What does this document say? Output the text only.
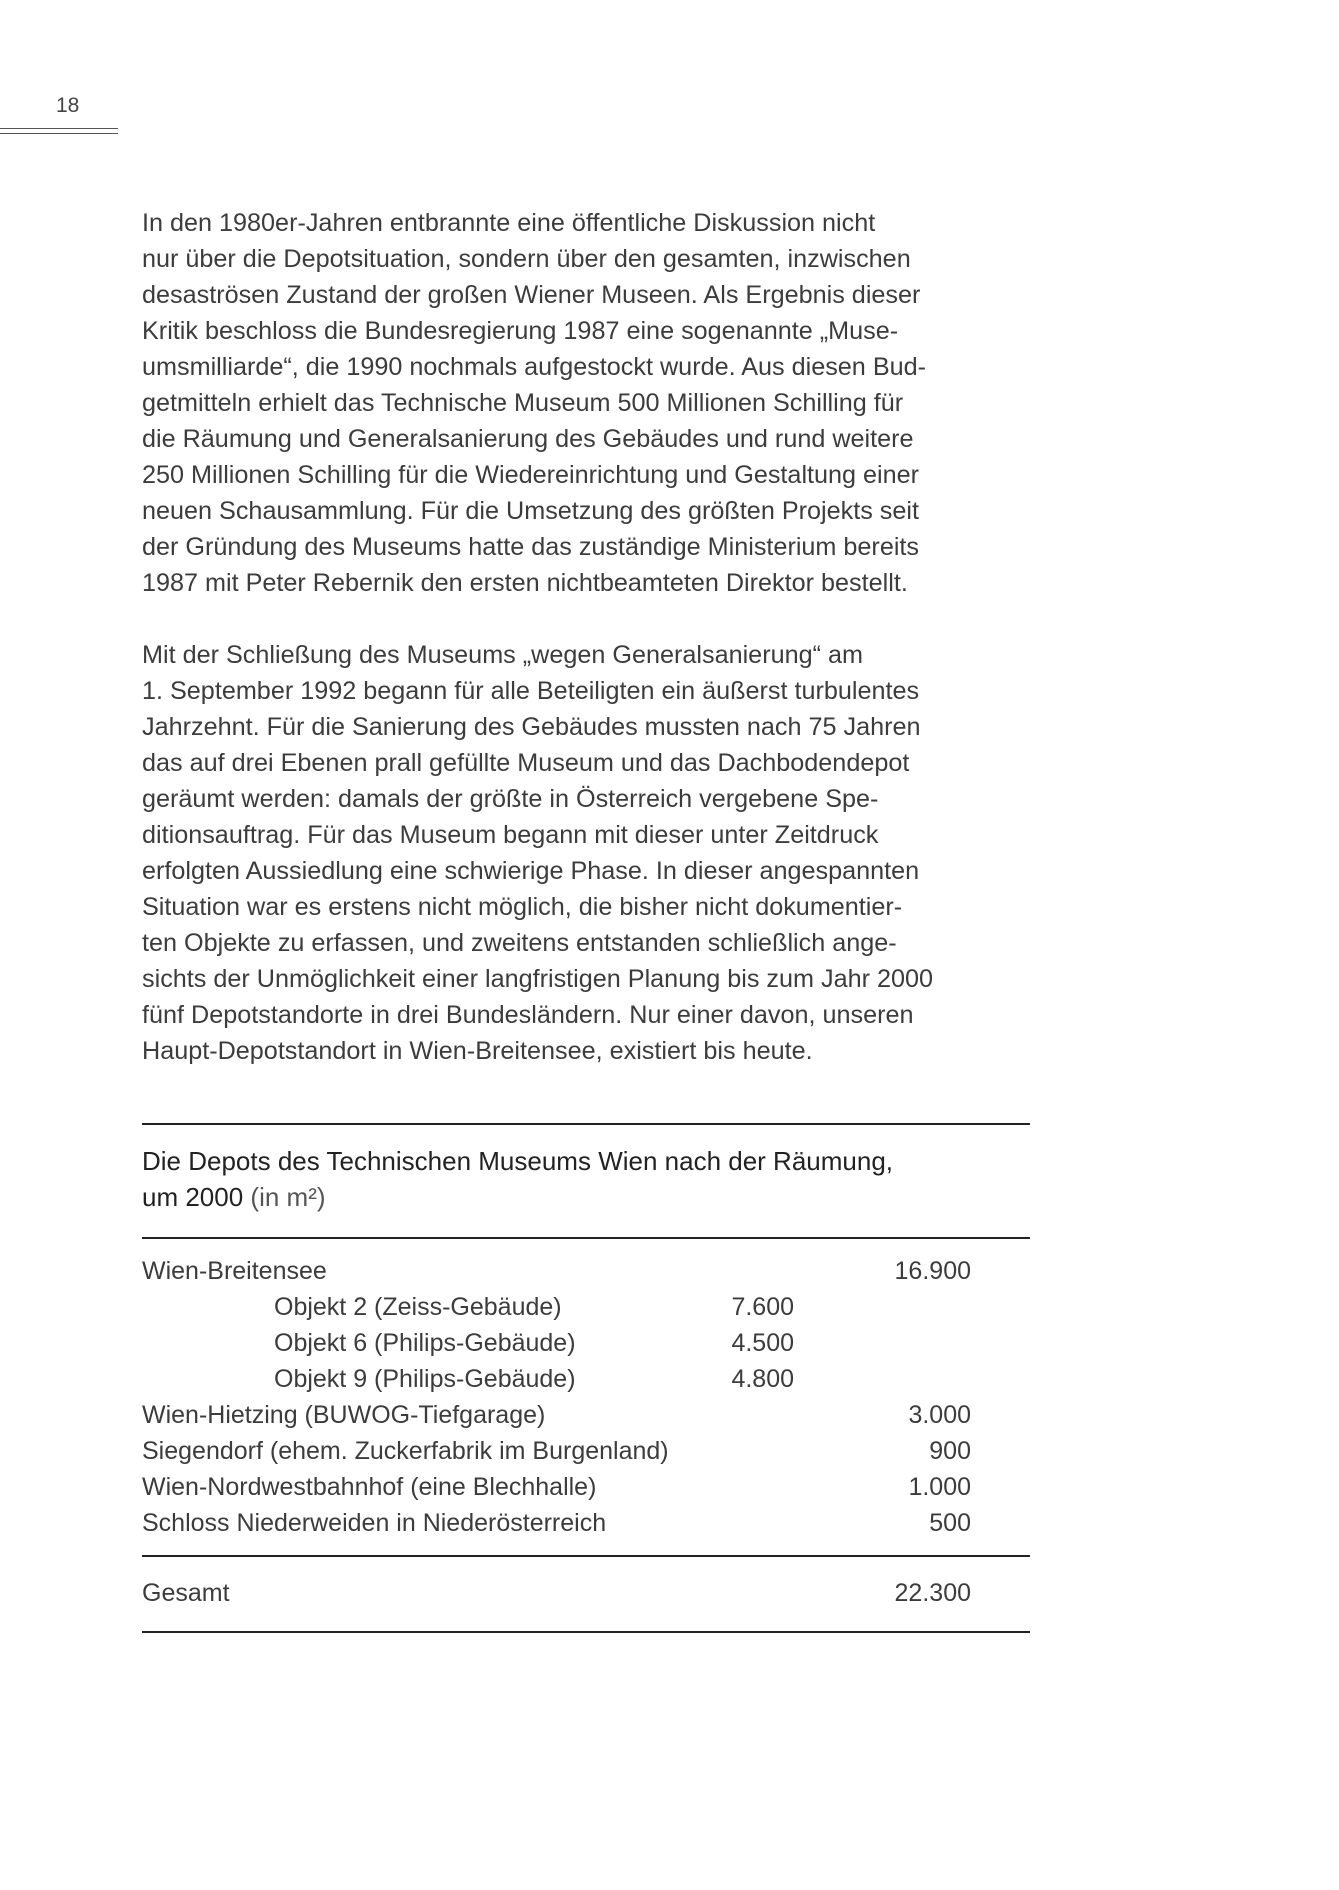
18

In den 1980er-Jahren entbrannte eine öffentliche Diskussion nicht
nur über die Depotsituation, sondern über den gesamten, inzwischen
desaströsen Zustand der großen Wiener Museen. Als Ergebnis dieser
Kritik beschloss die Bundesregierung 1987 eine sogenannte „Muse-
umsmilliarde“, die 1990 nochmals aufgestockt wurde. Aus diesen Bud-
getmitteln erhielt das Technische Museum 500 Millionen Schilling für
die Räumung und Generalsanierung des Gebäudes und rund weitere
250 Millionen Schilling für die Wiedereinrichtung und Gestaltung einer
neuen Schausammlung. Für die Umsetzung des größten Projekts seit
der Gründung des Museums hatte das zuständige Ministerium bereits
1987 mit Peter Rebernik den ersten nichtbeamteten Direktor bestellt.

Mit der Schließung des Museums „wegen Generalsanierung“ am
1. September 1992 begann für alle Beteiligten ein äußerst turbulentes
Jahrzehnt. Für die Sanierung des Gebäudes mussten nach 75 Jahren
das auf drei Ebenen prall gefüllte Museum und das Dachbodendepot
geräumt werden: damals der größte in Österreich vergebene Spe-
ditionsauftrag. Für das Museum begann mit dieser unter Zeitdruck
erfolgten Aussiedlung eine schwierige Phase. In dieser angespannten
Situation war es erstens nicht möglich, die bisher nicht dokumentier-
ten Objekte zu erfassen, und zweitens entstanden schließlich ange-
sichts der Unmöglichkeit einer langfristigen Planung bis zum Jahr 2000
fünf Depotstandorte in drei Bundesländern. Nur einer davon, unseren
Haupt-Depotstandort in Wien-Breitensee, existiert bis heute.

Die Depots des Technischen Museums Wien nach der Räumung,
um 2000 (in m²)
Wien-Breitensee	16.900
Objekt 2 (Zeiss-Gebäude)	7.600
Objekt 6 (Philips-Gebäude)	4.500
Objekt 9 (Philips-Gebäude)	4.800
Wien-Hietzing (BUWOG-Tiefgarage)	3.000
Siegendorf (ehem. Zuckerfabrik im Burgenland)	900
Wien-Nordwestbahnhof (eine Blechhalle)	1.000
Schloss Niederweiden in Niederösterreich	500
Gesamt	22.300
